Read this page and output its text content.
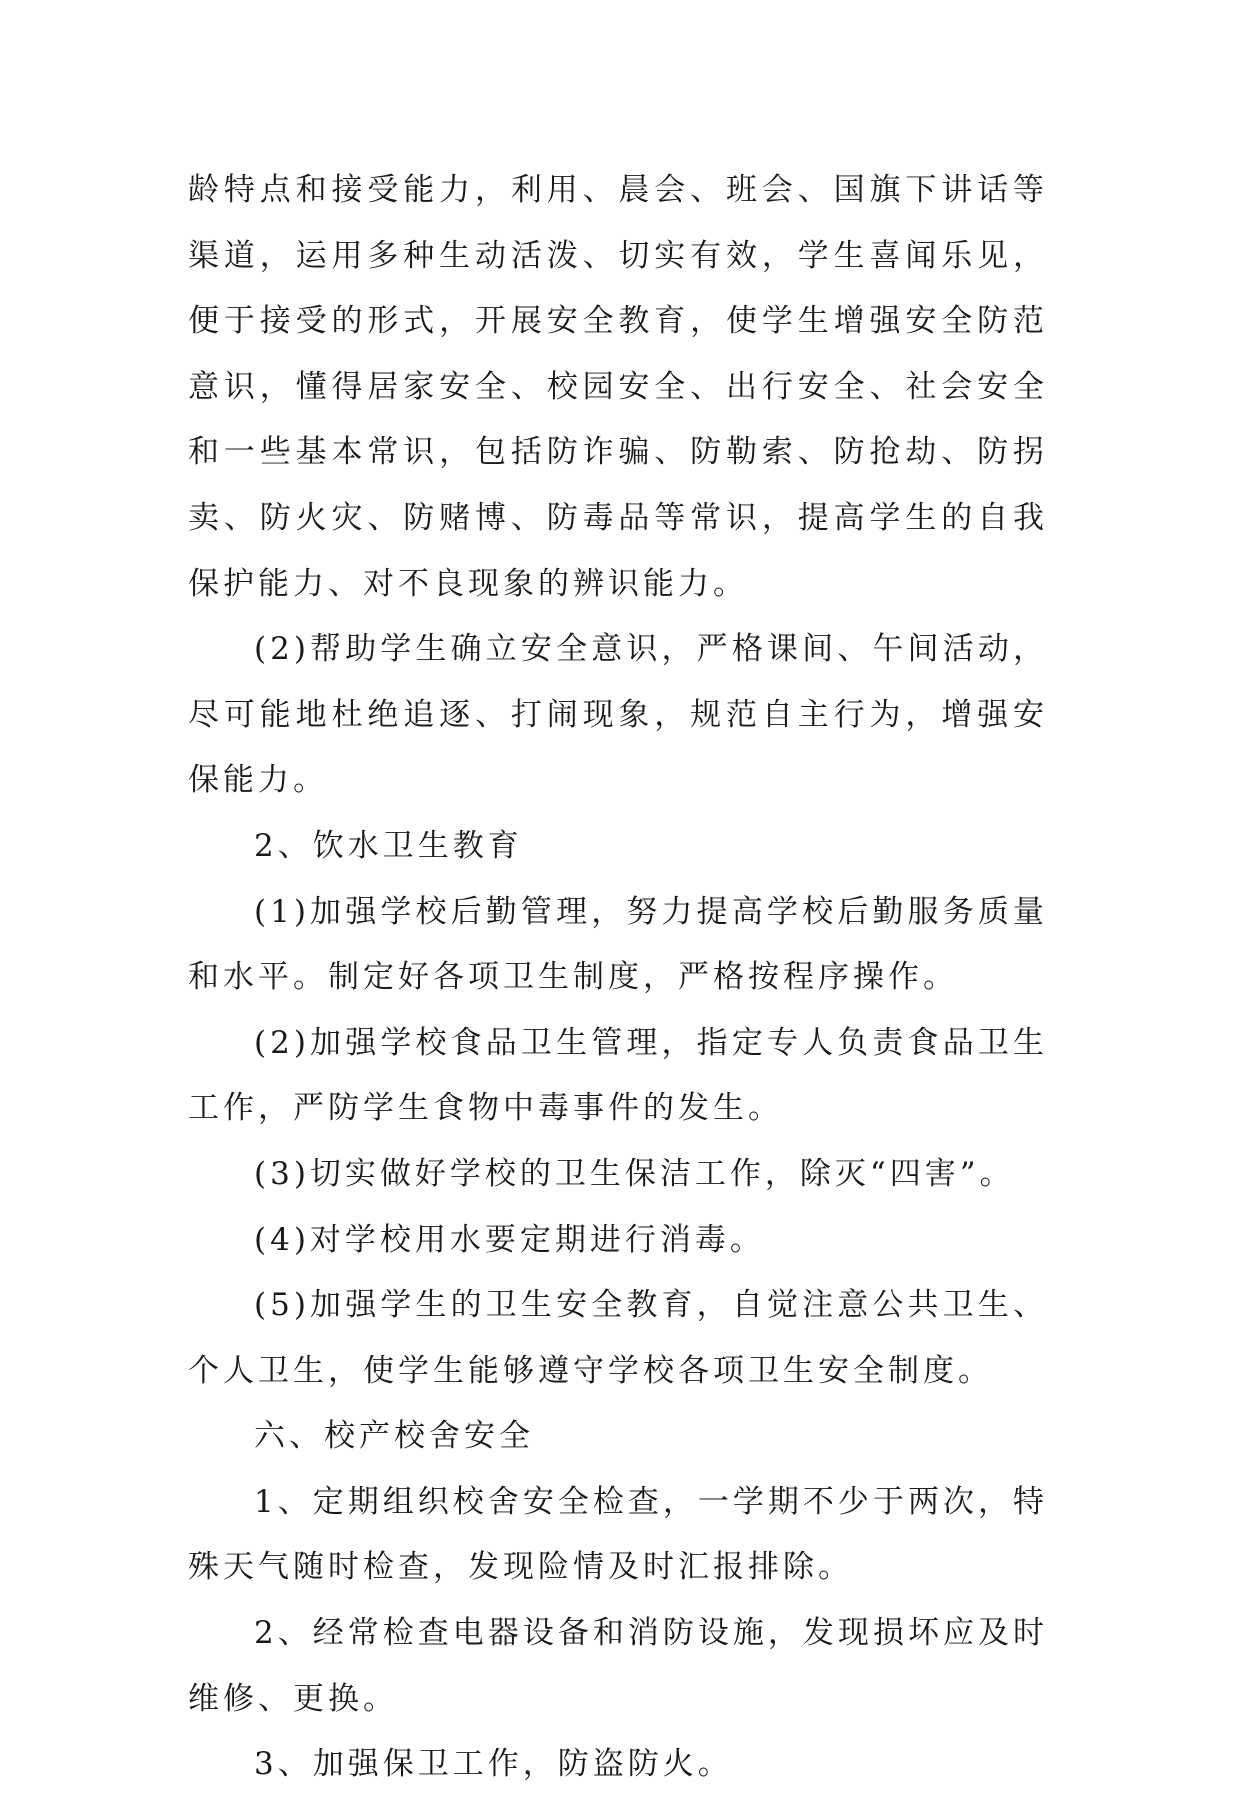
龄特点和接受能力，利用、晨会、班会、国旗下讲话等渠道，运用多种生动活泼、切实有效，学生喜闻乐见，便于接受的形式，开展安全教育，使学生增强安全防范意识，懂得居家安全、校园安全、出行安全、社会安全和一些基本常识，包括防诈骗、防勒索、防抢劫、防拐卖、防火灾、防赌博、防毒品等常识，提高学生的自我保护能力、对不良现象的辨识能力。

(2)帮助学生确立安全意识，严格课间、午间活动，尽可能地杜绝追逐、打闹现象，规范自主行为，增强安保能力。

2、饮水卫生教育

(1)加强学校后勤管理，努力提高学校后勤服务质量和水平。制定好各项卫生制度，严格按程序操作。

(2)加强学校食品卫生管理，指定专人负责食品卫生工作，严防学生食物中毒事件的发生。

(3)切实做好学校的卫生保洁工作，除灭“四害”。

(4)对学校用水要定期进行消毒。

(5)加强学生的卫生安全教育，自觉注意公共卫生、个人卫生，使学生能够遵守学校各项卫生安全制度。

六、校产校舍安全

1、定期组织校舍安全检查，一学期不少于两次，特殊天气随时检查，发现险情及时汇报排除。

2、经常检查电器设备和消防设施，发现损坏应及时维修、更换。

3、加强保卫工作，防盗防火。
